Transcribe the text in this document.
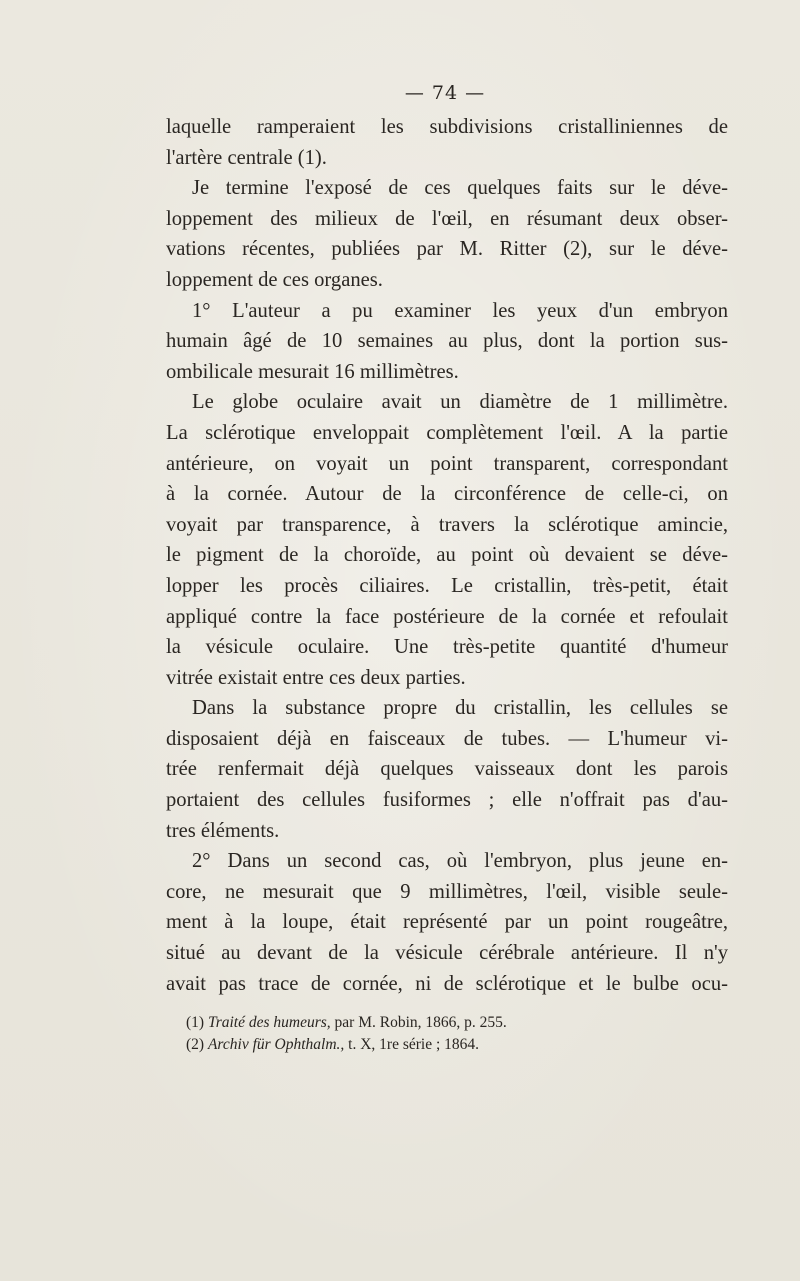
— 74 —
laquelle ramperaient les subdivisions cristalliniennes de
l'artère centrale (1).
Je termine l'exposé de ces quelques faits sur le déve-
loppement des milieux de l'œil, en résumant deux obser-
vations récentes, publiées par M. Ritter (2), sur le déve-
loppement de ces organes.
1° L'auteur a pu examiner les yeux d'un embryon
humain âgé de 10 semaines au plus, dont la portion sus-
ombilicale mesurait 16 millimètres.
Le globe oculaire avait un diamètre de 1 millimètre.
La sclérotique enveloppait complètement l'œil. A la partie
antérieure, on voyait un point transparent, correspondant
à la cornée. Autour de la circonférence de celle-ci, on
voyait par transparence, à travers la sclérotique amincie,
le pigment de la choroïde, au point où devaient se déve-
lopper les procès ciliaires. Le cristallin, très-petit, était
appliqué contre la face postérieure de la cornée et refoulait
la vésicule oculaire. Une très-petite quantité d'humeur
vitrée existait entre ces deux parties.
Dans la substance propre du cristallin, les cellules se
disposaient déjà en faisceaux de tubes. — L'humeur vi-
trée renfermait déjà quelques vaisseaux dont les parois
portaient des cellules fusiformes ; elle n'offrait pas d'au-
tres éléments.
2° Dans un second cas, où l'embryon, plus jeune en-
core, ne mesurait que 9 millimètres, l'œil, visible seule-
ment à la loupe, était représenté par un point rougeâtre,
situé au devant de la vésicule cérébrale antérieure. Il n'y
avait pas trace de cornée, ni de sclérotique et le bulbe ocu-
(1) Traité des humeurs, par M. Robin, 1866, p. 255.
(2) Archiv für Ophthalm., t. X, 1re série ; 1864.
